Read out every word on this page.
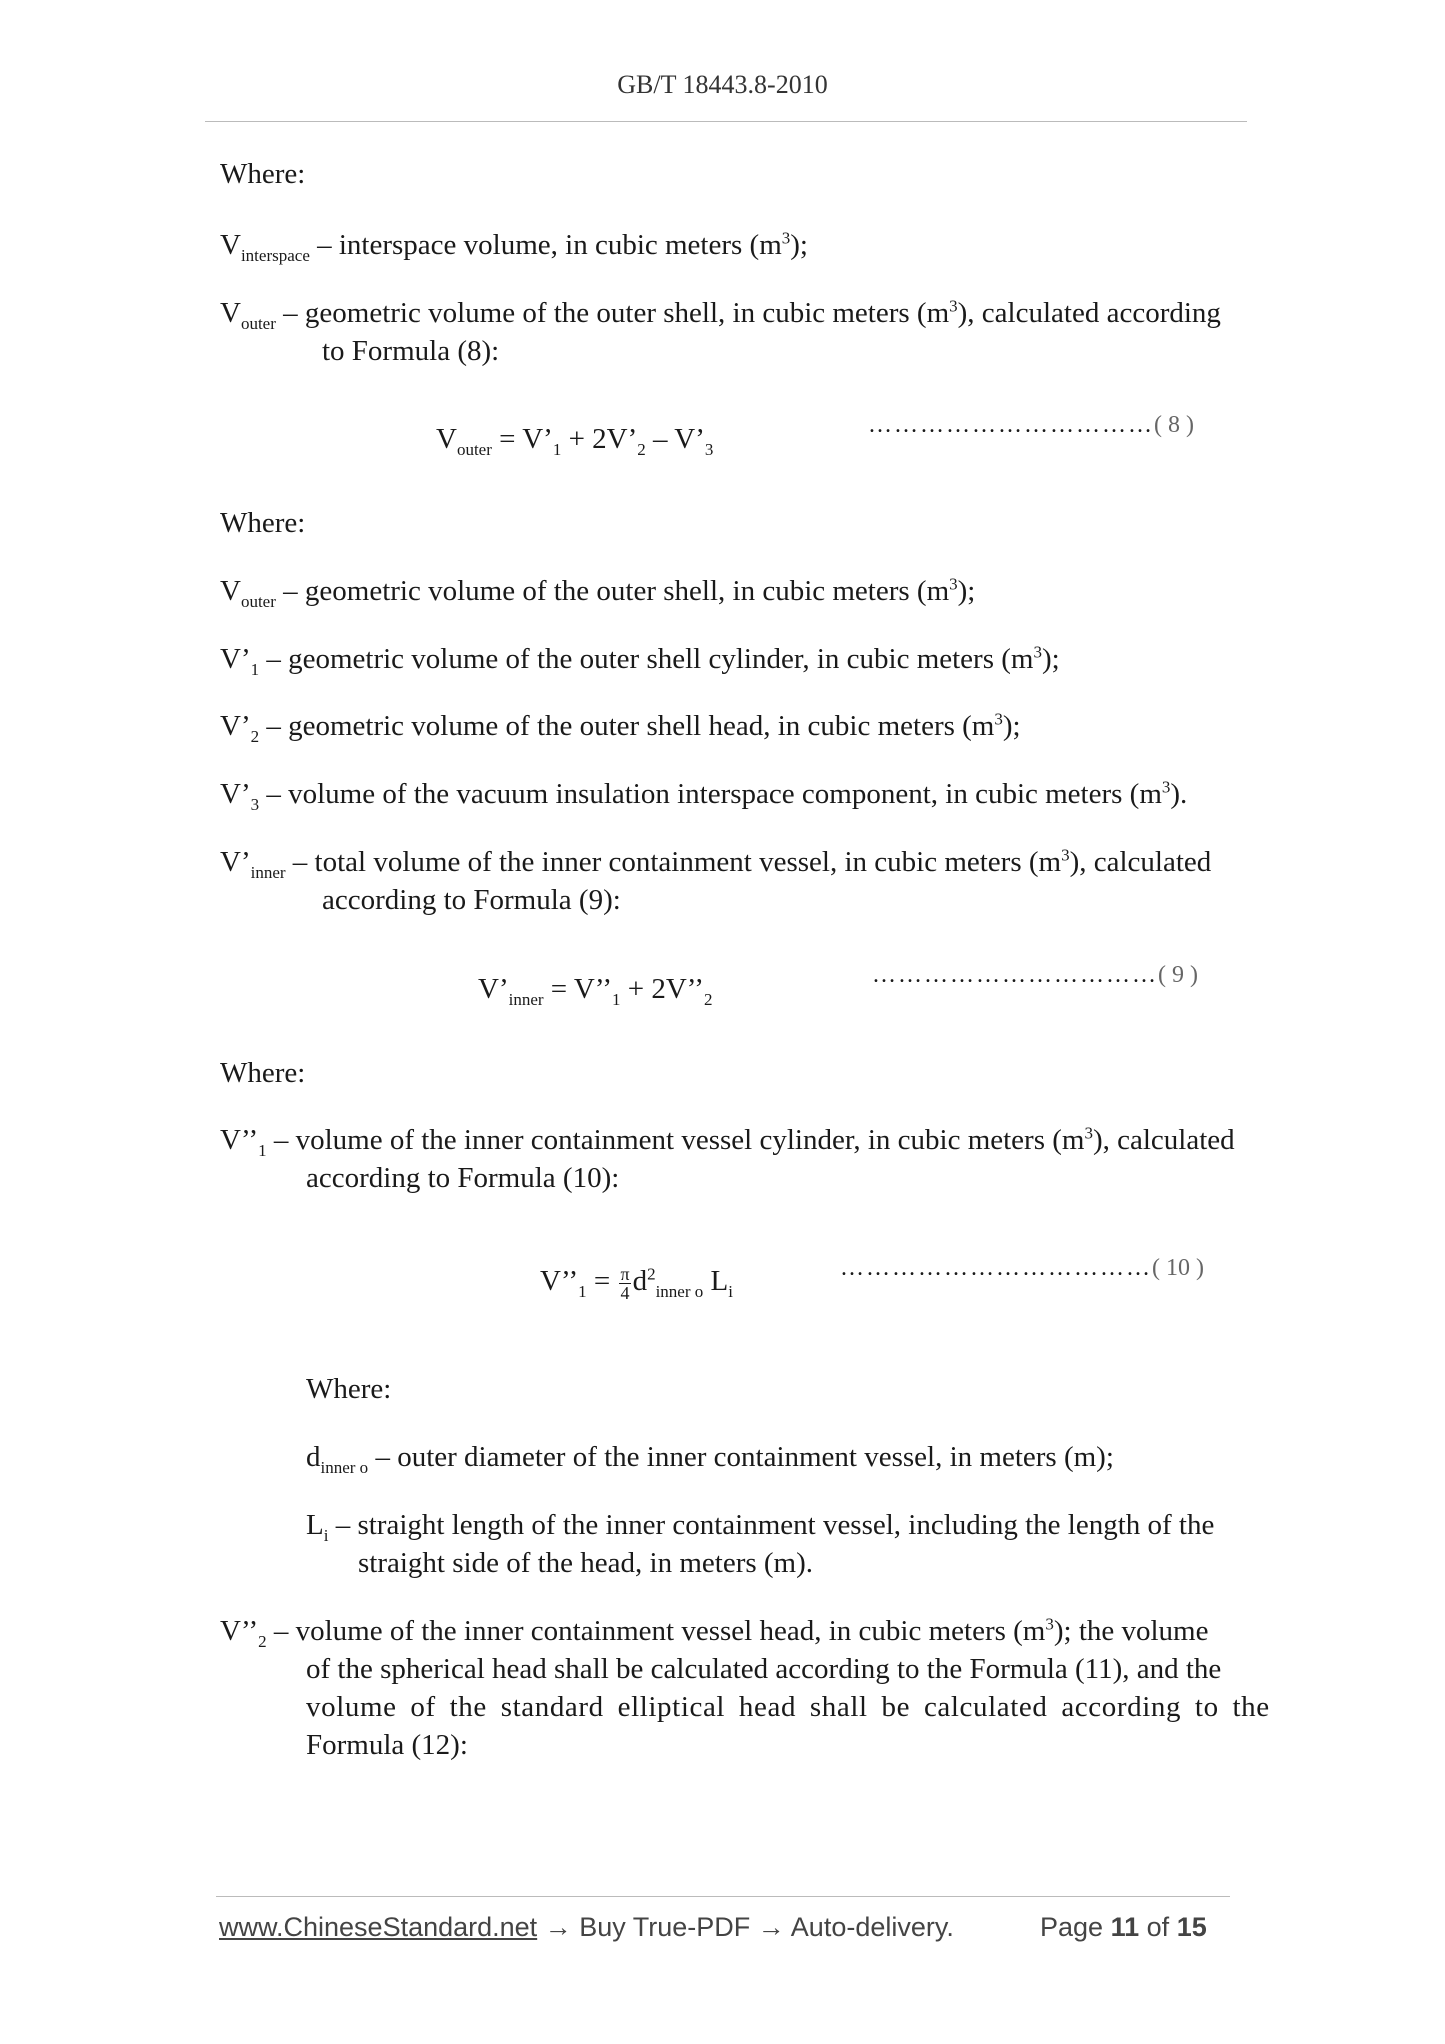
GB/T 18443.8-2010
Where:
$V_{interspace}$ – interspace volume, in cubic meters $(m^3)$;
$V_{outer}$ – geometric volume of the outer shell, in cubic meters $(m^3)$, calculated according
to Formula (8):
$V_{outer}$ = $V’_1$ + $2V’_2$ – $V’_3$
……………………………( 8 )
Where:
$V_{outer}$ – geometric volume of the outer shell, in cubic meters $(m^3)$;
$V’_1$ – geometric volume of the outer shell cylinder, in cubic meters $(m^3)$;
$V’_2$ – geometric volume of the outer shell head, in cubic meters $(m^3)$;
$V’_3$ – volume of the vacuum insulation interspace component, in cubic meters $(m^3)$.
$V’_{inner}$ – total volume of the inner containment vessel, in cubic meters $(m^3)$, calculated
according to Formula (9):
$V’_{inner}$ = $V’’_1$ + $2V’’_2$
……………………………( 9 )
Where:
$V’’_1$ – volume of the inner containment vessel cylinder, in cubic meters $(m^3)$, calculated
according to Formula (10):
$V’’_1 = \frac{\pi}{4} d^2_{inner o}$ $L_i$
………………………………( 10 )
Where:
$d_{inner o}$ – outer diameter of the inner containment vessel, in meters (m);
$L_i$ – straight length of the inner containment vessel, including the length of the
straight side of the head, in meters (m).
$V’’_2$ – volume of the inner containment vessel head, in cubic meters $(m^3)$; the volume
of the spherical head shall be calculated according to the Formula (11), and the
volume of the standard elliptical head shall be calculated according to the
Formula (12):
www.ChineseStandard.net → Buy True-PDF → Auto-delivery.	Page 11 of 15
